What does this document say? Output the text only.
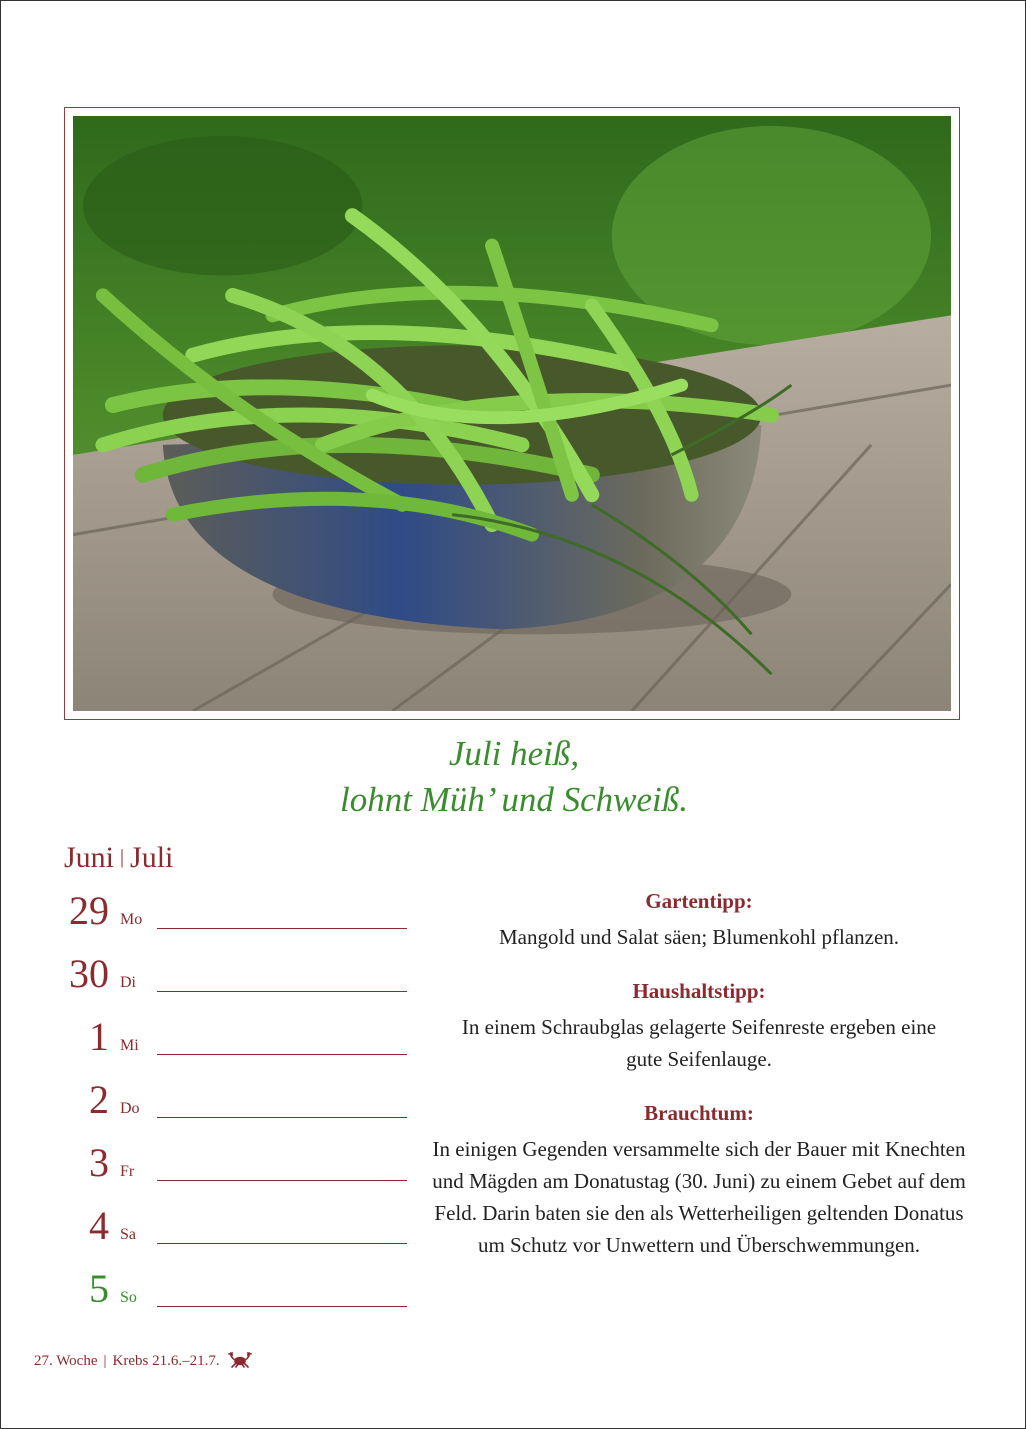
Juli heiß,
lohnt Müh’ und Schweiß.
Juni | Juli
29 Mo
30 Di
1 Mi
2 Do
3 Fr
4 Sa
5 So

Gartentipp:

Mangold und Salat säen; Blumenkohl pflanzen.

Haushaltstipp:

In einem Schraubglas gelagerte Seifenreste ergeben eine gute Seifenlauge.

Brauchtum:

In einigen Gegenden versammelte sich der Bauer mit Knechten und Mägden am Donatustag (30. Juni) zu einem Gebet auf dem Feld. Darin baten sie den als Wetterheiligen geltenden Donatus um Schutz vor Unwettern und Überschwemmungen.

27. Woche | Krebs 21.6.–21.7.
